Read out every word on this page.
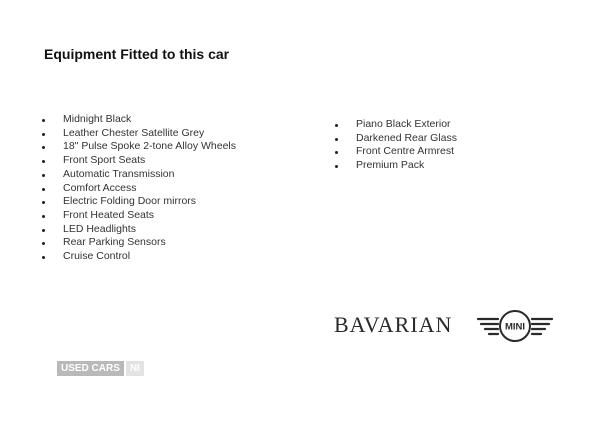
Equipment Fitted to this car
Midnight Black
Leather Chester Satellite Grey
18" Pulse Spoke 2-tone Alloy Wheels
Front Sport Seats
Automatic Transmission
Comfort Access
Electric Folding Door mirrors
Front Heated Seats
LED Headlights
Rear Parking Sensors
Cruise Control
Piano Black Exterior
Darkened Rear Glass
Front Centre Armrest
Premium Pack
BAVARIAN	MINI
USED CARS	NI
